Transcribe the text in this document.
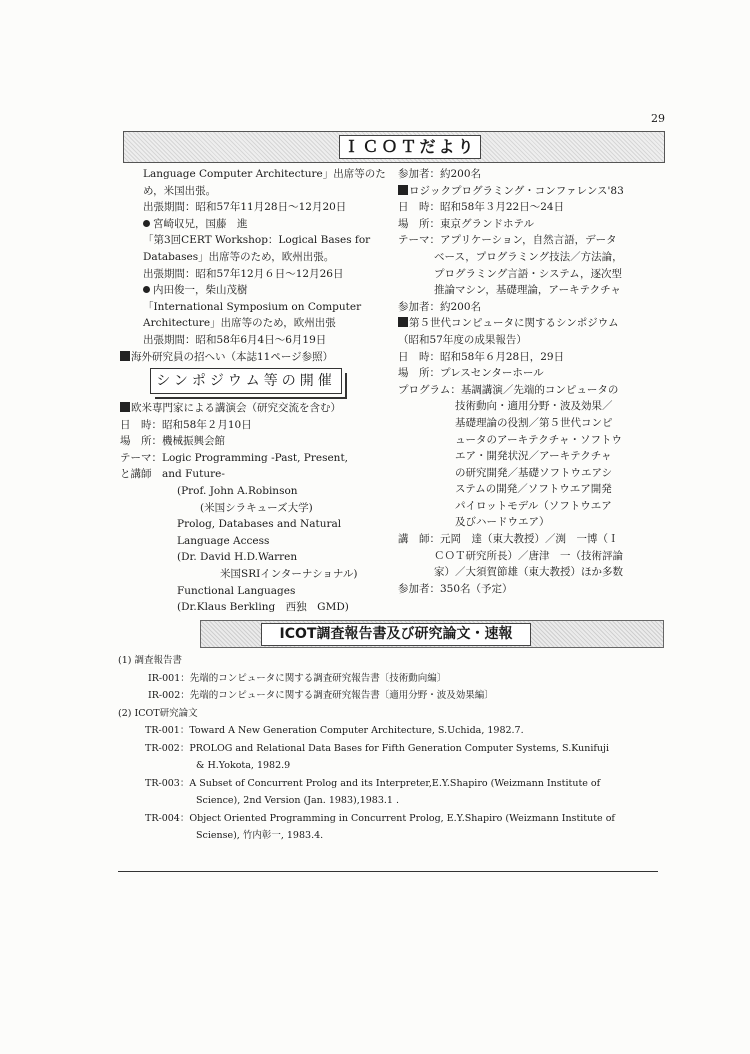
29
ＩＣＯＴだより
Language Computer Architecture」出席等のた
め，米国出張。
出張期間：昭和57年11月28日～12月20日
宮崎収兄，国藤　進
「第3回CERT Workshop：Logical Bases for
Databases」出席等のため，欧州出張。
出張期間：昭和57年12月６日～12月26日
内田俊一，柴山茂樹
「International Symposium on Computer
Architecture」出席等のため，欧州出張
出張期間：昭和58年6月4日～6月19日
海外研究員の招へい（本誌11ページ参照）
シンポジウム等の開催
欧米専門家による講演会（研究交流を含む）
日　時：昭和58年２月10日
場　所：機械振興会館
テーマ：Logic Programming -Past, Present,
と講師　and Future-
(Prof. John A.Robinson
(米国シラキューズ大学)
Prolog, Databases and Natural
Language Access
(Dr. David H.D.Warren
米国SRIインターナショナル)
Functional Languages
(Dr.Klaus Berkling　西独　GMD)
参加者：約200名
ロジックプログラミング・コンファレンス'83
日　時：昭和58年３月22日～24日
場　所：東京グランドホテル
テーマ：アプリケーション，自然言語，データ
ベース，プログラミング技法／方法論，
プログラミング言語・システム，逐次型
推論マシン，基礎理論，アーキテクチャ
参加者：約200名
第５世代コンピュータに関するシンポジウム
（昭和57年度の成果報告）
日　時：昭和58年６月28日，29日
場　所：プレスセンターホール
プログラム：基調講演／先端的コンピュータの
技術動向・適用分野・波及効果／
基礎理論の役割／第５世代コンピ
ュータのアーキテクチャ・ソフトウ
エア・開発状況／アーキテクチャ
の研究開発／基礎ソフトウエアシ
ステムの開発／ソフトウエア開発
パイロットモデル（ソフトウエア
及びハードウエア）
講　師：元岡　達（東大教授）／渕　一博（Ｉ
ＣＯＴ研究所長）／唐津　一（技術評論
家）／大須賀節雄（東大教授）ほか多数
参加者：350名（予定）
ICOT調査報告書及び研究論文・速報
(1) 調査報告書
IR-001：先端的コンピュータに関する調査研究報告書〔技術動向編〕
IR-002：先端的コンピュータに関する調査研究報告書〔適用分野・波及効果編〕
(2) ICOT研究論文
TR-001：Toward A New Generation Computer Architecture, S.Uchida, 1982.7.
TR-002：PROLOG and Relational Data Bases for Fifth Generation Computer Systems, S.Kunifuji
& H.Yokota, 1982.9
TR-003：A Subset of Concurrent Prolog and its Interpreter,E.Y.Shapiro (Weizmann Institute of
Science), 2nd Version (Jan. 1983),1983.1 .
TR-004：Object Oriented Programming in Concurrent Prolog, E.Y.Shapiro (Weizmann Institute of
Sciense), 竹内彰一, 1983.4.
